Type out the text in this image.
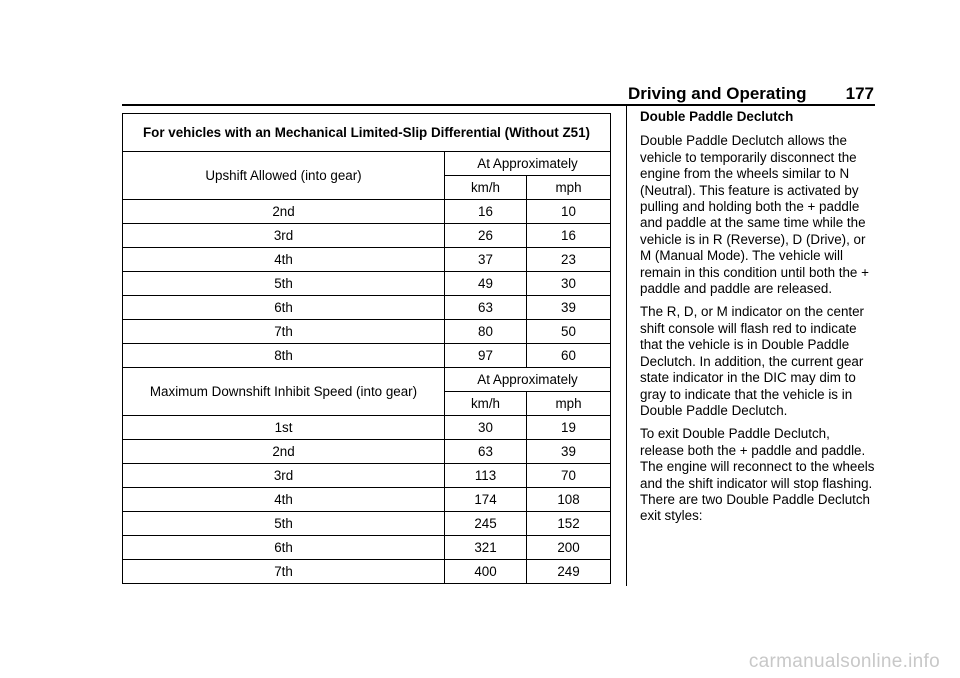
Driving and Operating 177
For vehicles with an Mechanical Limited-Slip Differential (Without Z51)		
Upshift Allowed (into gear)	At Approximately	
	km/h	mph
2nd	16	10
3rd	26	16
4th	37	23
5th	49	30
6th	63	39
7th	80	50
8th	97	60
Maximum Downshift Inhibit Speed (into gear)	At Approximately	
	km/h	mph
1st	30	19
2nd	63	39
3rd	113	70
4th	174	108
5th	245	152
6th	321	200
7th	400	249
Double Paddle Declutch

Double Paddle Declutch allows the vehicle to temporarily disconnect the engine from the wheels similar to N (Neutral). This feature is activated by pulling and holding both the + paddle and paddle at the same time while the vehicle is in R (Reverse), D (Drive), or M (Manual Mode). The vehicle will remain in this condition until both the + paddle and paddle are released.

The R, D, or M indicator on the center shift console will flash red to indicate that the vehicle is in Double Paddle Declutch. In addition, the current gear state indicator in the DIC may dim to gray to indicate that the vehicle is in Double Paddle Declutch.

To exit Double Paddle Declutch, release both the + paddle and paddle. The engine will reconnect to the wheels and the shift indicator will stop flashing. There are two Double Paddle Declutch exit styles:

carmanualsonline.info
